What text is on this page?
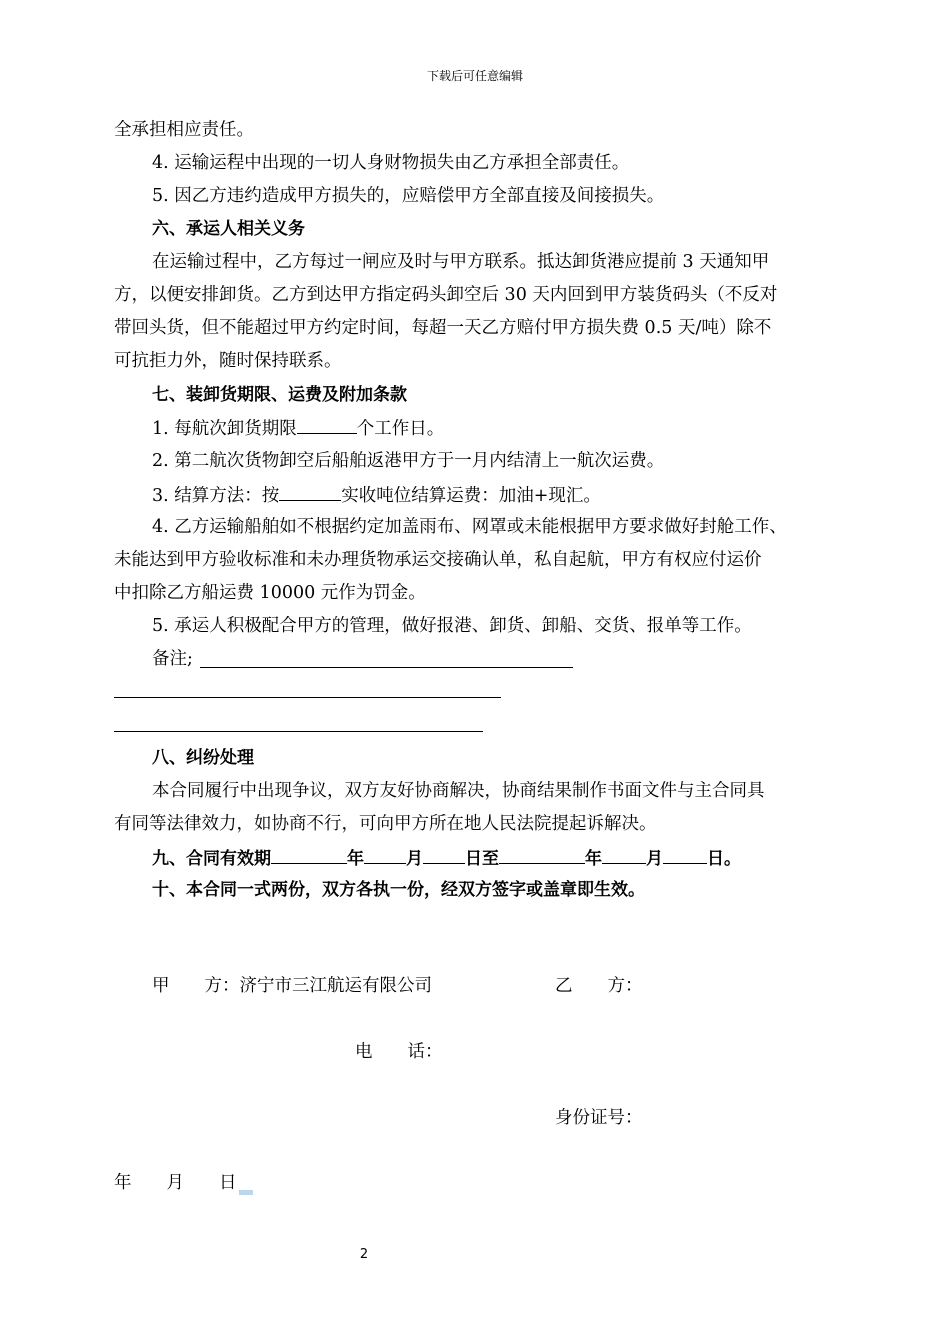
下载后可任意编辑
全承担相应责任。
4. 运输运程中出现的一切人身财物损失由乙方承担全部责任。
5. 因乙方违约造成甲方损失的，应赔偿甲方全部直接及间接损失。
六、承运人相关义务
在运输过程中，乙方每过一闸应及时与甲方联系。抵达卸货港应提前 3 天通知甲
方，以便安排卸货。乙方到达甲方指定码头卸空后 30 天内回到甲方装货码头（不反对
带回头货，但不能超过甲方约定时间，每超一天乙方赔付甲方损失费 0.5 天/吨）除不
可抗拒力外，随时保持联系。
七、装卸货期限、运费及附加条款
1. 每航次卸货期限	个工作日。
2. 第二航次货物卸空后船舶返港甲方于一月内结清上一航次运费。
3. 结算方法：按	实收吨位结算运费：加油+现汇。
4. 乙方运输船舶如不根据约定加盖雨布、网罩或未能根据甲方要求做好封舱工作、
未能达到甲方验收标准和未办理货物承运交接确认单，私自起航，甲方有权应付运价
中扣除乙方船运费 10000 元作为罚金。
5. 承运人积极配合甲方的管理，做好报港、卸货、卸船、交货、报单等工作。
备注;
八、纠纷处理
本合同履行中出现争议，双方友好协商解决，协商结果制作书面文件与主合同具
有同等法律效力，如协商不行，可向甲方所在地人民法院提起诉解决。
九、合同有效期	年 月 日至	年	月	日。
十、本合同一式两份，双方各执一份，经双方签字或盖章即生效。
甲　　方：济宁市三江航运有限公司	乙　　方：
电　　话：
身份证号：
年　　月　　日
2
